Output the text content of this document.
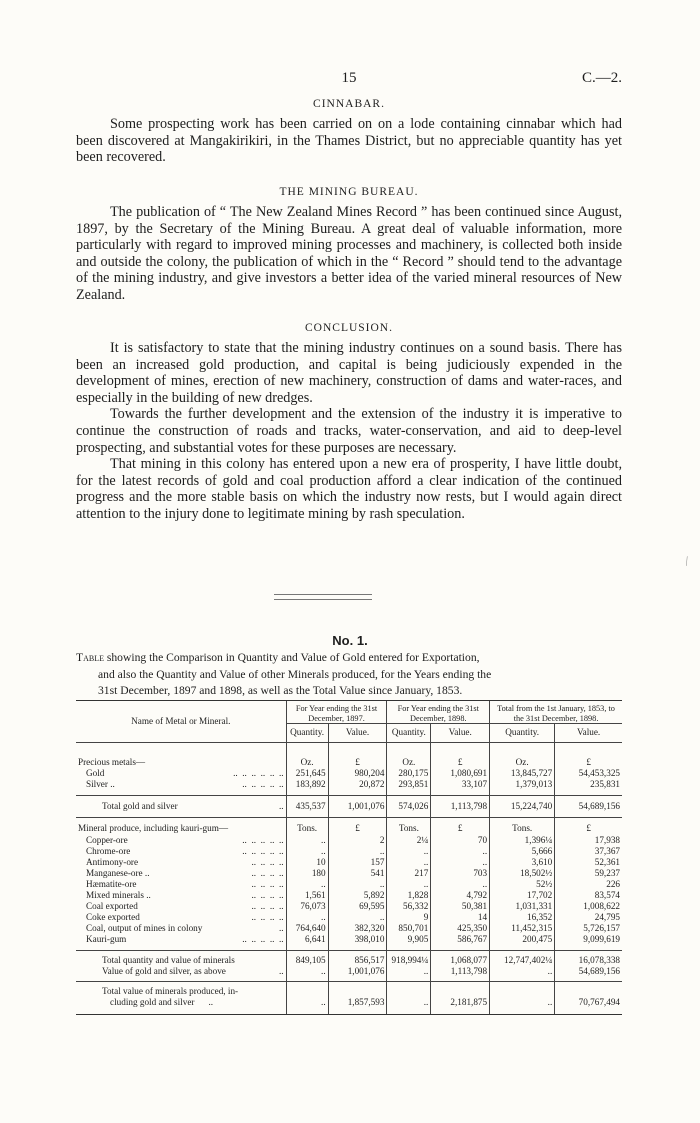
15	C.—2.

CINNABAR.

Some prospecting work has been carried on on a lode containing cinnabar which had been discovered at Mangakirikiri, in the Thames District, but no appreciable quantity has yet been recovered.

THE MINING BUREAU.

The publication of “ The New Zealand Mines Record ” has been continued since August, 1897, by the Secretary of the Mining Bureau. A great deal of valuable information, more particularly with regard to improved mining processes and machinery, is collected both inside and outside the colony, the publication of which in the “ Record ” should tend to the advantage of the mining industry, and give investors a better idea of the varied mineral resources of New Zealand.

CONCLUSION.

It is satisfactory to state that the mining industry continues on a sound basis. There has been an increased gold production, and capital is being judiciously expended in the development of mines, erection of new machinery, construction of dams and water-races, and especially in the building of new dredges.

Towards the further development and the extension of the industry it is imperative to continue the construction of roads and tracks, water-conservation, and aid to deep-level prospecting, and substantial votes for these purposes are necessary.

That mining in this colony has entered upon a new era of prosperity, I have little doubt, for the latest records of gold and coal production afford a clear indication of the continued progress and the more stable basis on which the industry now rests, but I would again direct attention to the injury done to legitimate mining by rash speculation.

⁄
No. 1.
Table showing the Comparison in Quantity and Value of Gold entered for Exportation,
and also the Quantity and Value of other Minerals produced, for the Years ending the
31st December, 1897 and 1898, as well as the Total Value since January, 1853.
Name of Metal or Mineral.	For Year ending the 31st December, 1897.		For Year ending the 31st December, 1898.		Total from the 1st January, 1853, to the 31st December, 1898.	
	Quantity.	Value.	Quantity.	Value.	Quantity.	Value.
Precious metals—	Oz.	£	Oz.	£	Oz.	£

Gold ..  ..  ..  ..  ..  ..	251,645	980,204	280,175	1,080,691	13,845,727	54,453,325

Silver .. ..  ..  ..  ..  ..	183,892	20,872	293,851	33,107	1,379,013	235,831

Total gold and silver ..	435,537	1,001,076	574,026	1,113,798	15,224,740	54,689,156
Mineral produce, including kauri-gum—	Tons.	£	Tons.	£	Tons.	£

Copper-ore ..  ..  ..  ..  ..	..	2	2¼	70	1,396¼	17,938

Chrome-ore ..  ..  ..  ..  ..	..	..	..	..	5,666	37,367

Antimony-ore ..  ..  ..  ..	10	157	..	..	3,610	52,361

Manganese-ore .. ..  ..  ..  ..	180	541	217	703	18,502½	59,237

Hæmatite-ore ..  ..  ..  ..	..	..	..	..	52½	226

Mixed minerals .. ..  ..  ..  ..	1,561	5,892	1,828	4,792	17,702	83,574

Coal exported ..  ..  ..  ..	76,073	69,595	56,332	50,381	1,031,331	1,008,622

Coke exported ..  ..  ..  ..	..	..	9	14	16,352	24,795

Coal, output of mines in colony ..	764,640	382,320	850,701	425,350	11,452,315	5,726,157

Kauri-gum ..  ..  ..  ..  ..	6,641	398,010	9,905	586,767	200,475	9,099,619

Total quantity and value of minerals	849,105	856,517	918,994¼	1,068,077	12,747,402¼	16,078,338

Value of gold and silver, as above ..	..	1,001,076	..	1,113,798	..	54,689,156

Total value of minerals produced, in-
cluding gold and silver ..	..	1,857,593	..	2,181,875	..	70,767,494
